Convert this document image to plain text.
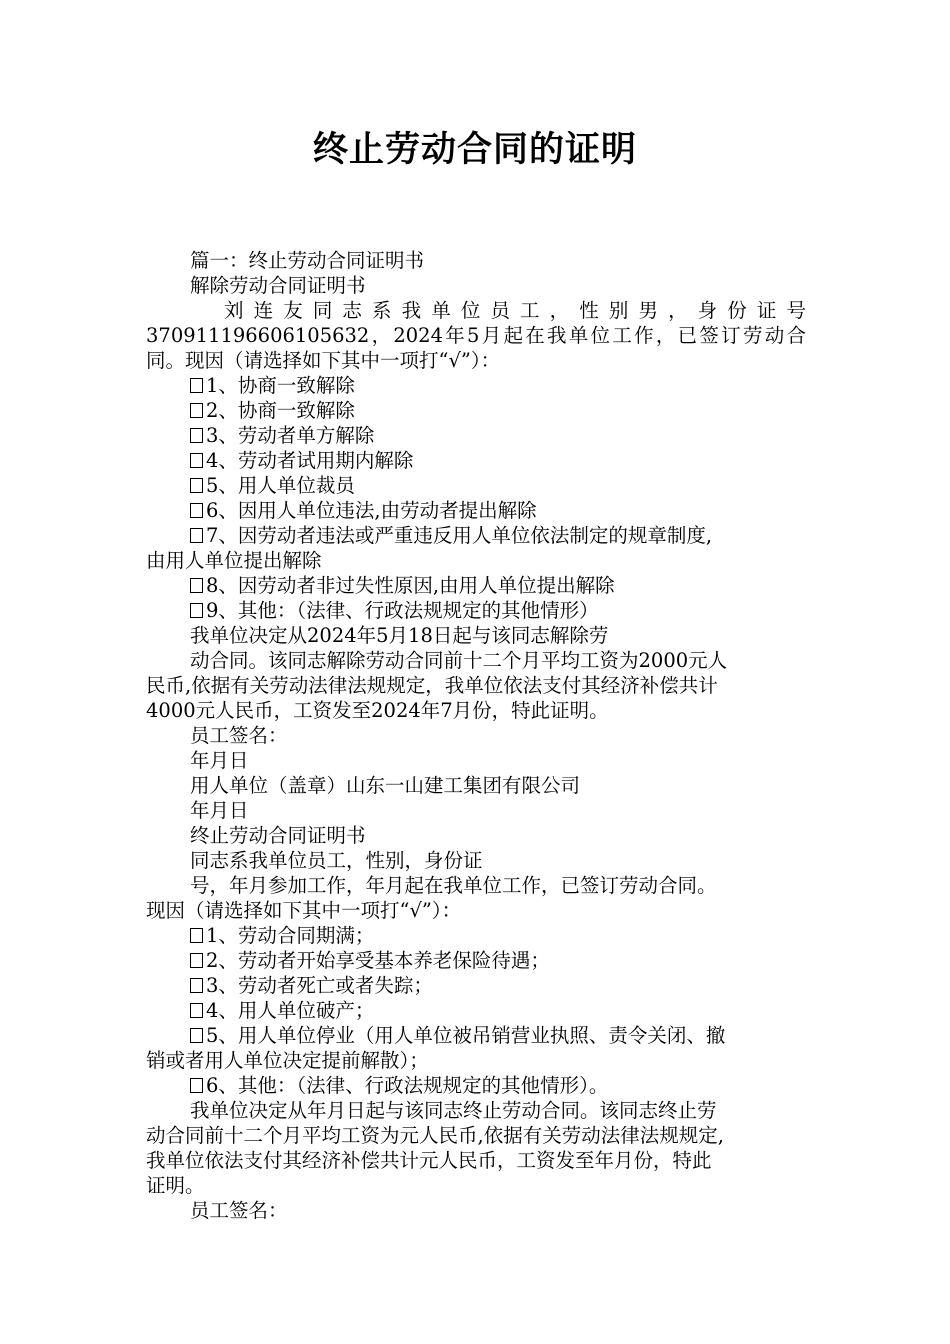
终止劳动合同的证明

篇一：终止劳动合同证明书

解除劳动合同证明书

刘连友同志系我单位员工，性别男，身份证号

370911196606105632，2024年5月起在我单位工作，已签订劳动合

同。现因（请选择如下其中一项打“√”）：

1、协商一致解除

2、协商一致解除

3、劳动者单方解除

4、劳动者试用期内解除

5、用人单位裁员

6、因用人单位违法,由劳动者提出解除

7、因劳动者违法或严重违反用人单位依法制定的规章制度,

由用人单位提出解除

8、因劳动者非过失性原因,由用人单位提出解除

9、其他：（法律、行政法规规定的其他情形）

我单位决定从2024年5月18日起与该同志解除劳

动合同。该同志解除劳动合同前十二个月平均工资为2000元人

民币,依据有关劳动法律法规规定，我单位依法支付其经济补偿共计

4000元人民币，工资发至2024年7月份，特此证明。

员工签名：

年月日

用人单位（盖章）山东一山建工集团有限公司

年月日

终止劳动合同证明书

同志系我单位员工，性别，身份证

号，年月参加工作，年月起在我单位工作，已签订劳动合同。

现因（请选择如下其中一项打“√”）：

1、劳动合同期满；

2、劳动者开始享受基本养老保险待遇；

3、劳动者死亡或者失踪；

4、用人单位破产；

5、用人单位停业（用人单位被吊销营业执照、责令关闭、撤

销或者用人单位决定提前解散）；

6、其他：（法律、行政法规规定的其他情形）。

我单位决定从年月日起与该同志终止劳动合同。该同志终止劳

动合同前十二个月平均工资为元人民币,依据有关劳动法律法规规定,

我单位依法支付其经济补偿共计元人民币，工资发至年月份，特此

证明。

员工签名：
